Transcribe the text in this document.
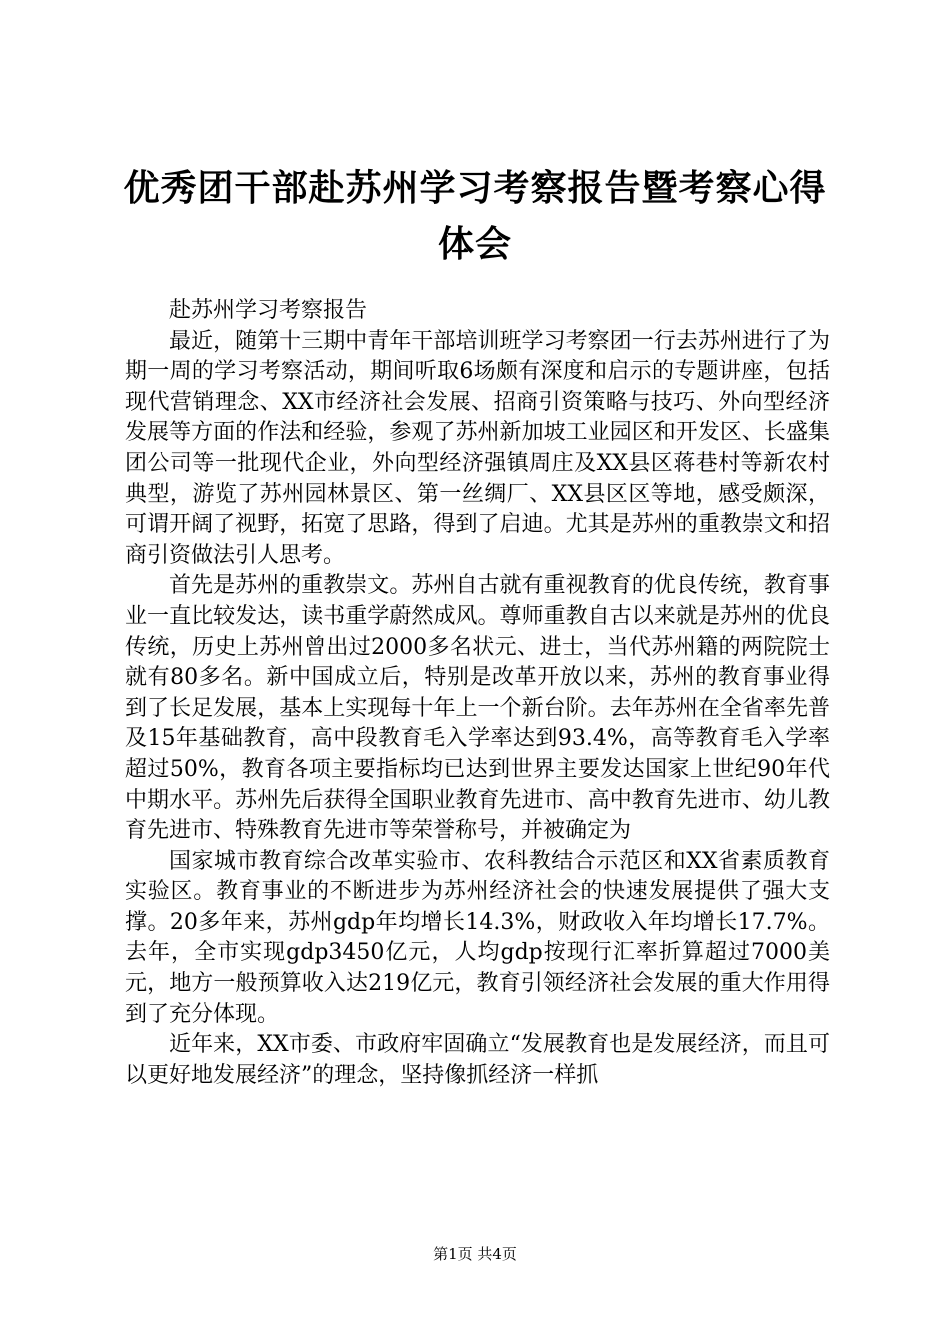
优秀团干部赴苏州学习考察报告暨考察心得体会

赴苏州学习考察报告

最近，随第十三期中青年干部培训班学习考察团一行去苏州进行了为期一周的学习考察活动，期间听取6场颇有深度和启示的专题讲座，包括现代营销理念、XX市经济社会发展、招商引资策略与技巧、外向型经济发展等方面的作法和经验，参观了苏州新加坡工业园区和开发区、长盛集团公司等一批现代企业，外向型经济强镇周庄及XX县区蒋巷村等新农村典型，游览了苏州园林景区、第一丝绸厂、XX县区区等地，感受颇深，可谓开阔了视野，拓宽了思路，得到了启迪。尤其是苏州的重教崇文和招商引资做法引人思考。

首先是苏州的重教崇文。苏州自古就有重视教育的优良传统，教育事业一直比较发达，读书重学蔚然成风。尊师重教自古以来就是苏州的优良传统，历史上苏州曾出过2000多名状元、进士，当代苏州籍的两院院士就有80多名。新中国成立后，特别是改革开放以来，苏州的教育事业得到了长足发展，基本上实现每十年上一个新台阶。去年苏州在全省率先普及15年基础教育，高中段教育毛入学率达到93.4%，高等教育毛入学率超过50%，教育各项主要指标均已达到世界主要发达国家上世纪90年代中期水平。苏州先后获得全国职业教育先进市、高中教育先进市、幼儿教育先进市、特殊教育先进市等荣誉称号，并被确定为

国家城市教育综合改革实验市、农科教结合示范区和XX省素质教育实验区。教育事业的不断进步为苏州经济社会的快速发展提供了强大支撑。20多年来，苏州gdp年均增长14.3%，财政收入年均增长17.7%。去年，全市实现gdp3450亿元，人均gdp按现行汇率折算超过7000美元，地方一般预算收入达219亿元，教育引领经济社会发展的重大作用得到了充分体现。

近年来，XX市委、市政府牢固确立“发展教育也是发展经济，而且可以更好地发展经济”的理念，坚持像抓经济一样抓

第1页 共4页
